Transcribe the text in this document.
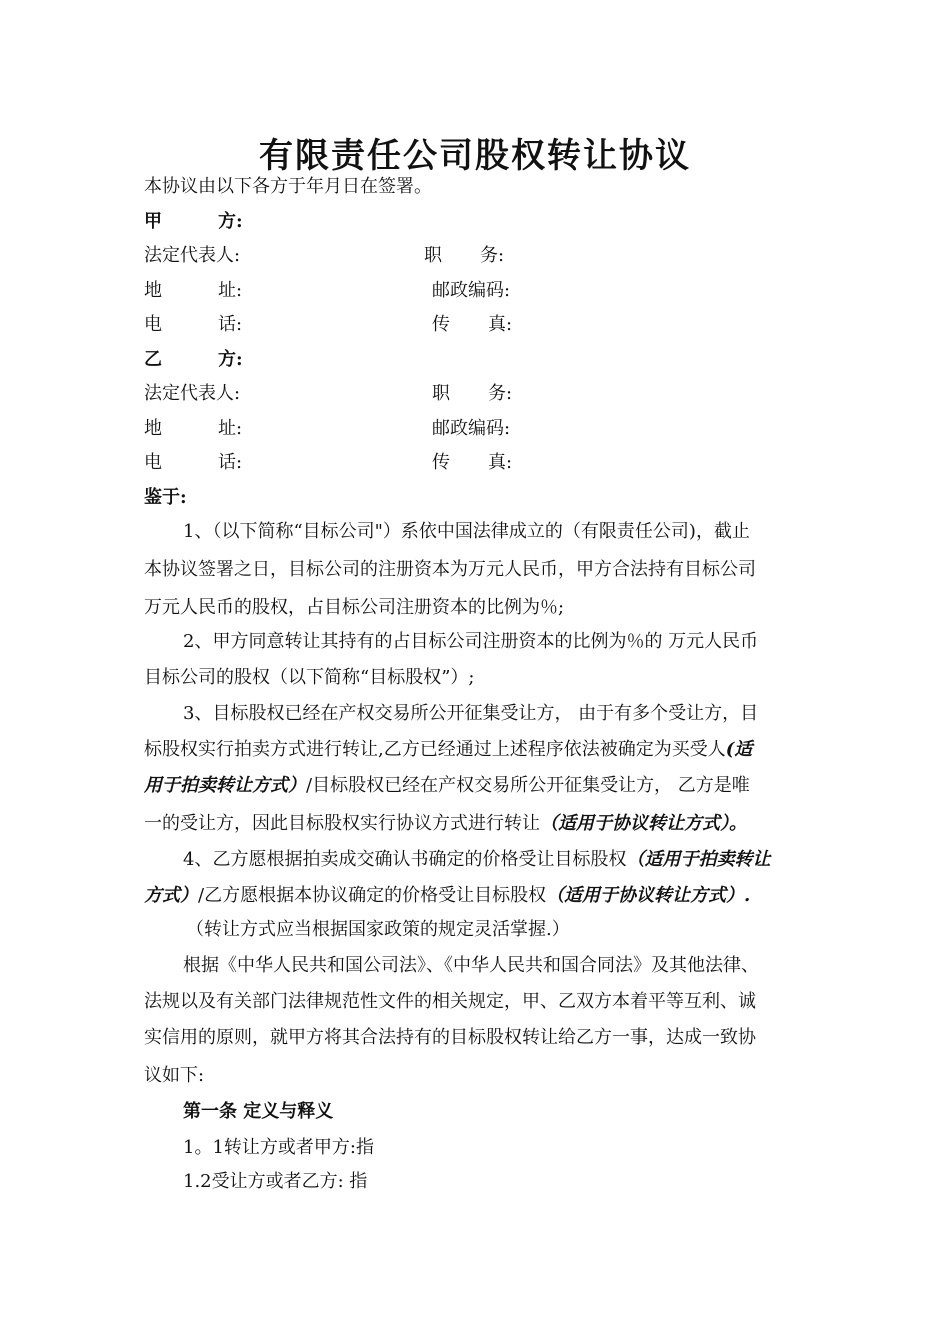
有限责任公司股权转让协议
本协议由以下各方于年月日在签署。
甲	方:
法定代表人:	职 务:
地	址:	邮政编码:
电	话:	传 真:
乙	方:
法定代表人:	职 务:
地	址:	邮政编码:
电	话:	传 真:
鉴于:
1、（以下简称“目标公司"）系依中国法律成立的（有限责任公司)，截止
本协议签署之日，目标公司的注册资本为万元人民币，甲方合法持有目标公司
万元人民币的股权，占目标公司注册资本的比例为％;
2、甲方同意转让其持有的占目标公司注册资本的比例为％的 万元人民币
目标公司的股权（以下简称“目标股权”）;
3、目标股权已经在产权交易所公开征集受让方， 由于有多个受让方，目
标股权实行拍卖方式进行转让,乙方已经通过上述程序依法被确定为买受人(适
用于拍卖转让方式）/目标股权已经在产权交易所公开征集受让方， 乙方是唯
一的受让方，因此目标股权实行协议方式进行转让（适用于协议转让方式）。
4、乙方愿根据拍卖成交确认书确定的价格受让目标股权（适用于拍卖转让
方式）/乙方愿根据本协议确定的价格受让目标股权（适用于协议转让方式）.
（转让方式应当根据国家政策的规定灵活掌握.）
根据《中华人民共和国公司法》、《中华人民共和国合同法》及其他法律、
法规以及有关部门法律规范性文件的相关规定，甲、乙双方本着平等互利、诚
实信用的原则，就甲方将其合法持有的目标股权转让给乙方一事，达成一致协
议如下:
第一条 定义与释义
1。1转让方或者甲方:指
1.2受让方或者乙方: 指
